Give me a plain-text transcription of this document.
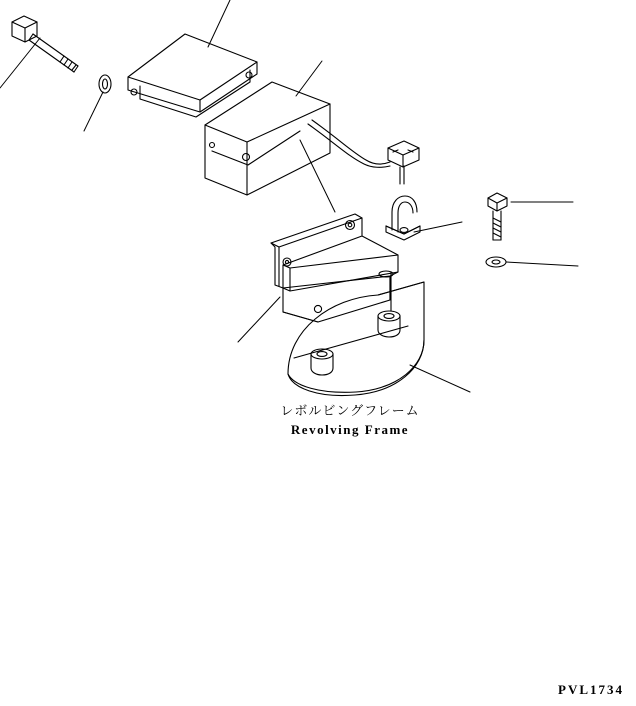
レボルビングフレーム
Revolving Frame
PVL1734
